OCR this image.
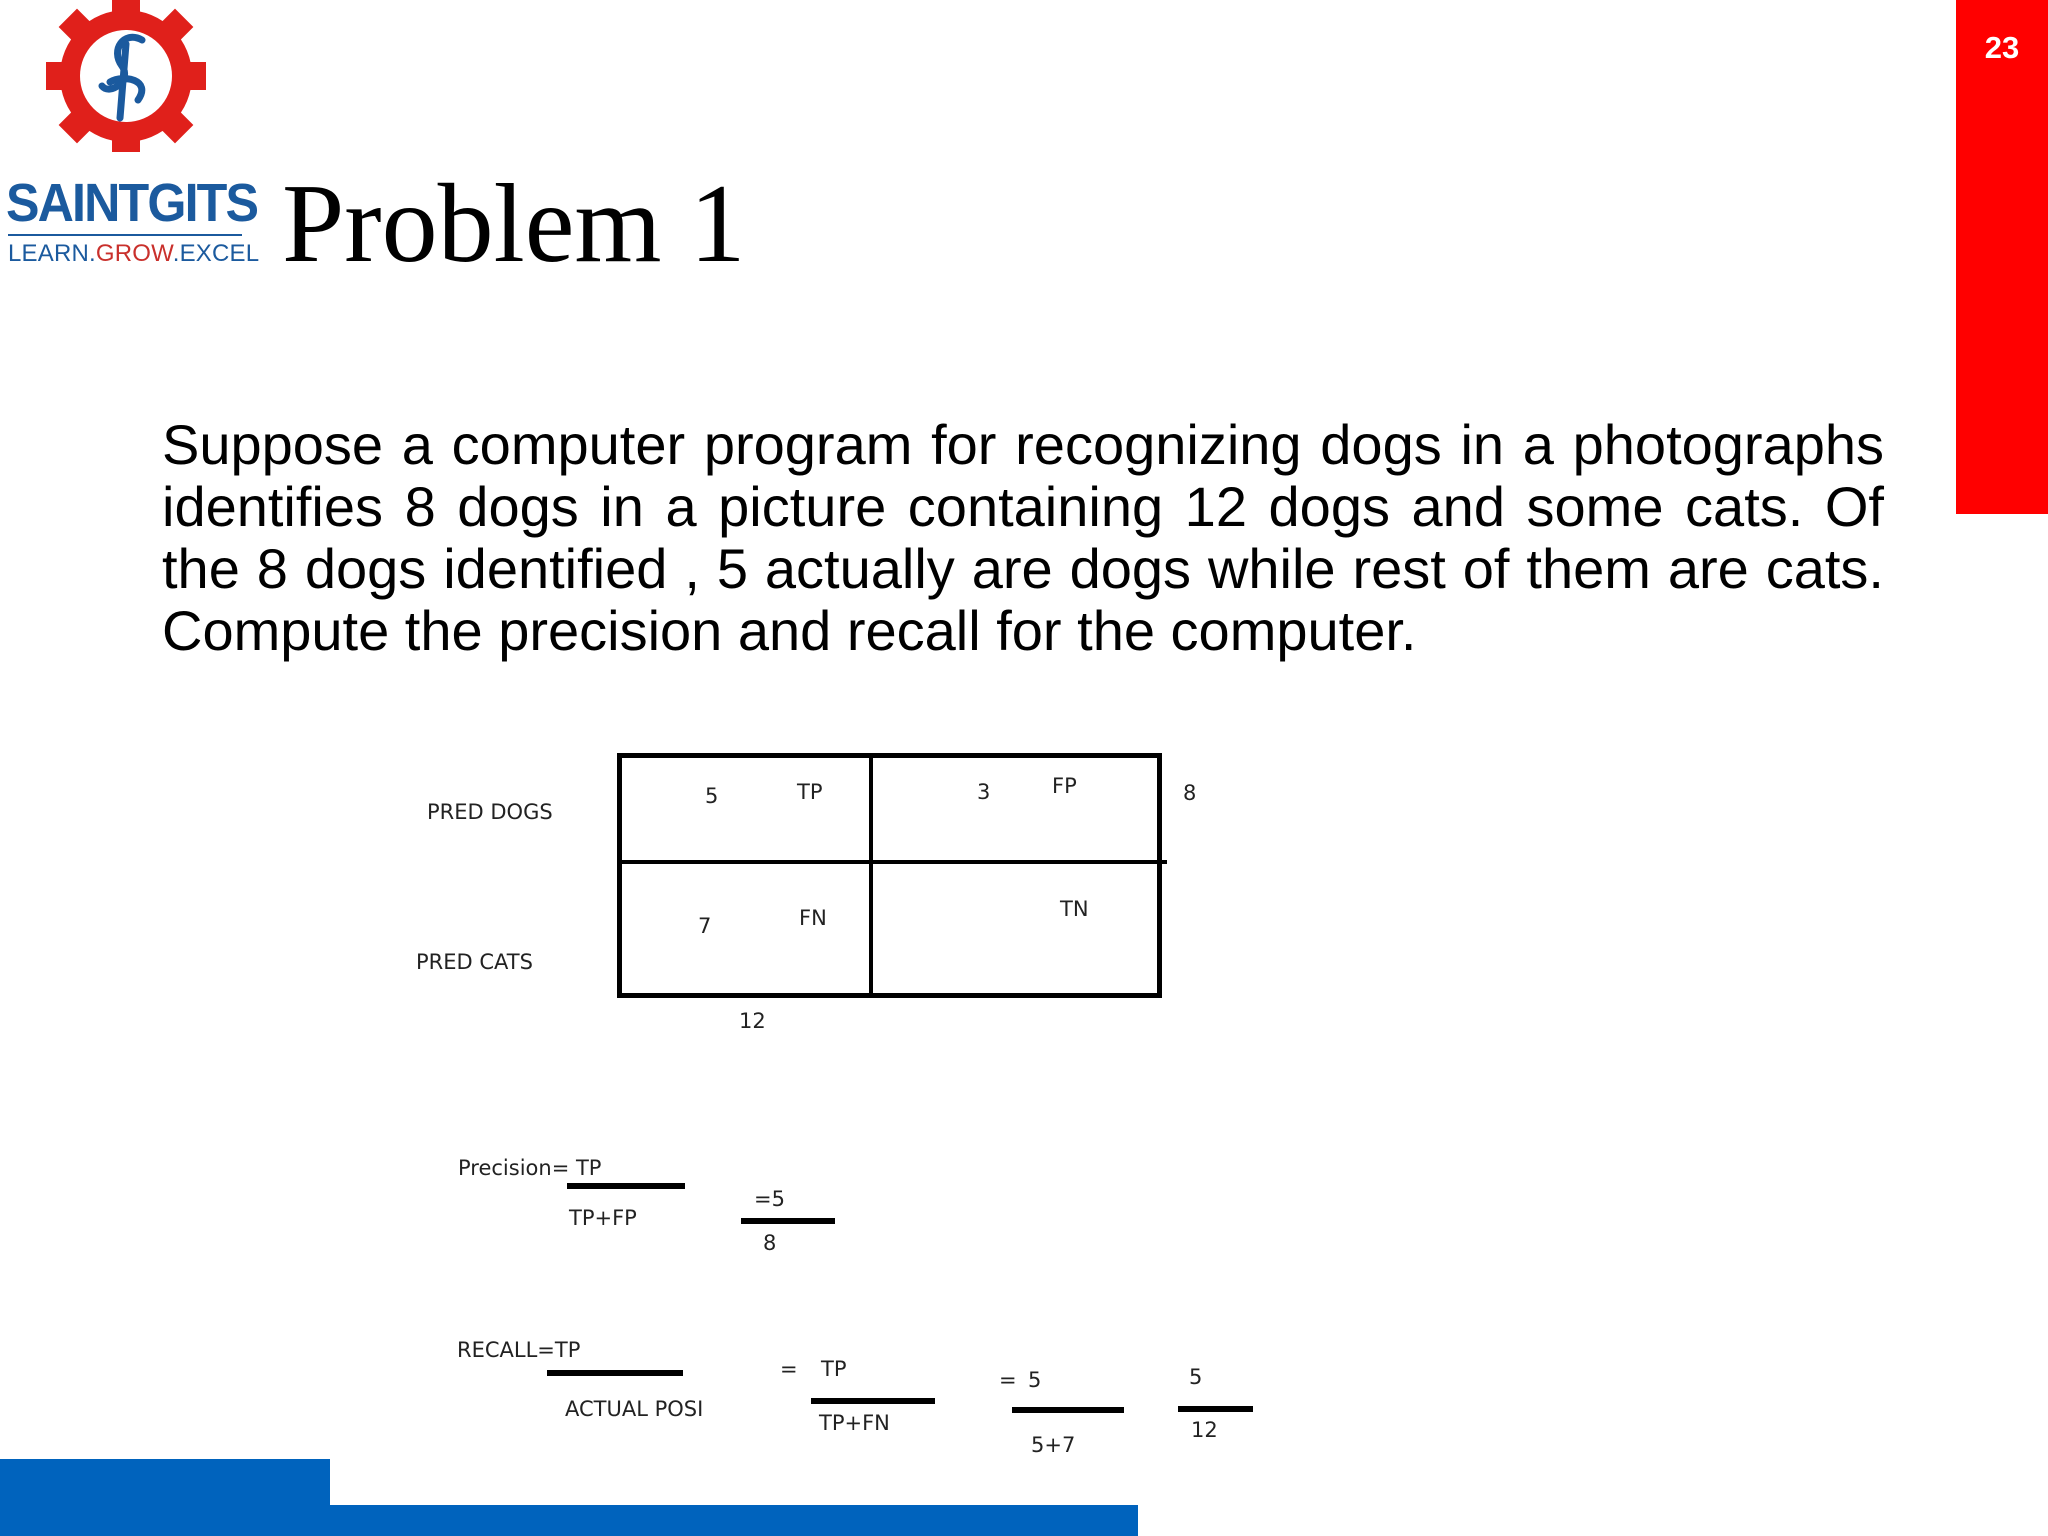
23
SAINTGITS
LEARN.GROW.EXCEL Problem 1
Suppose a computer program for recognizing dogs in a photographs identifies 8 dogs in a picture containing 12 dogs and some cats. Of the 8 dogs identified , 5 actually are dogs while rest of them are cats. Compute the precision and recall for the computer.
PRED DOGS
PRED CATS
5	TP	3	FP
7	FN	TN
8
12
Precision= TP
TP+FP
=5
8
RECALL=TP
ACTUAL POSI
= TP
TP+FN
= 5
5+7
5
12
